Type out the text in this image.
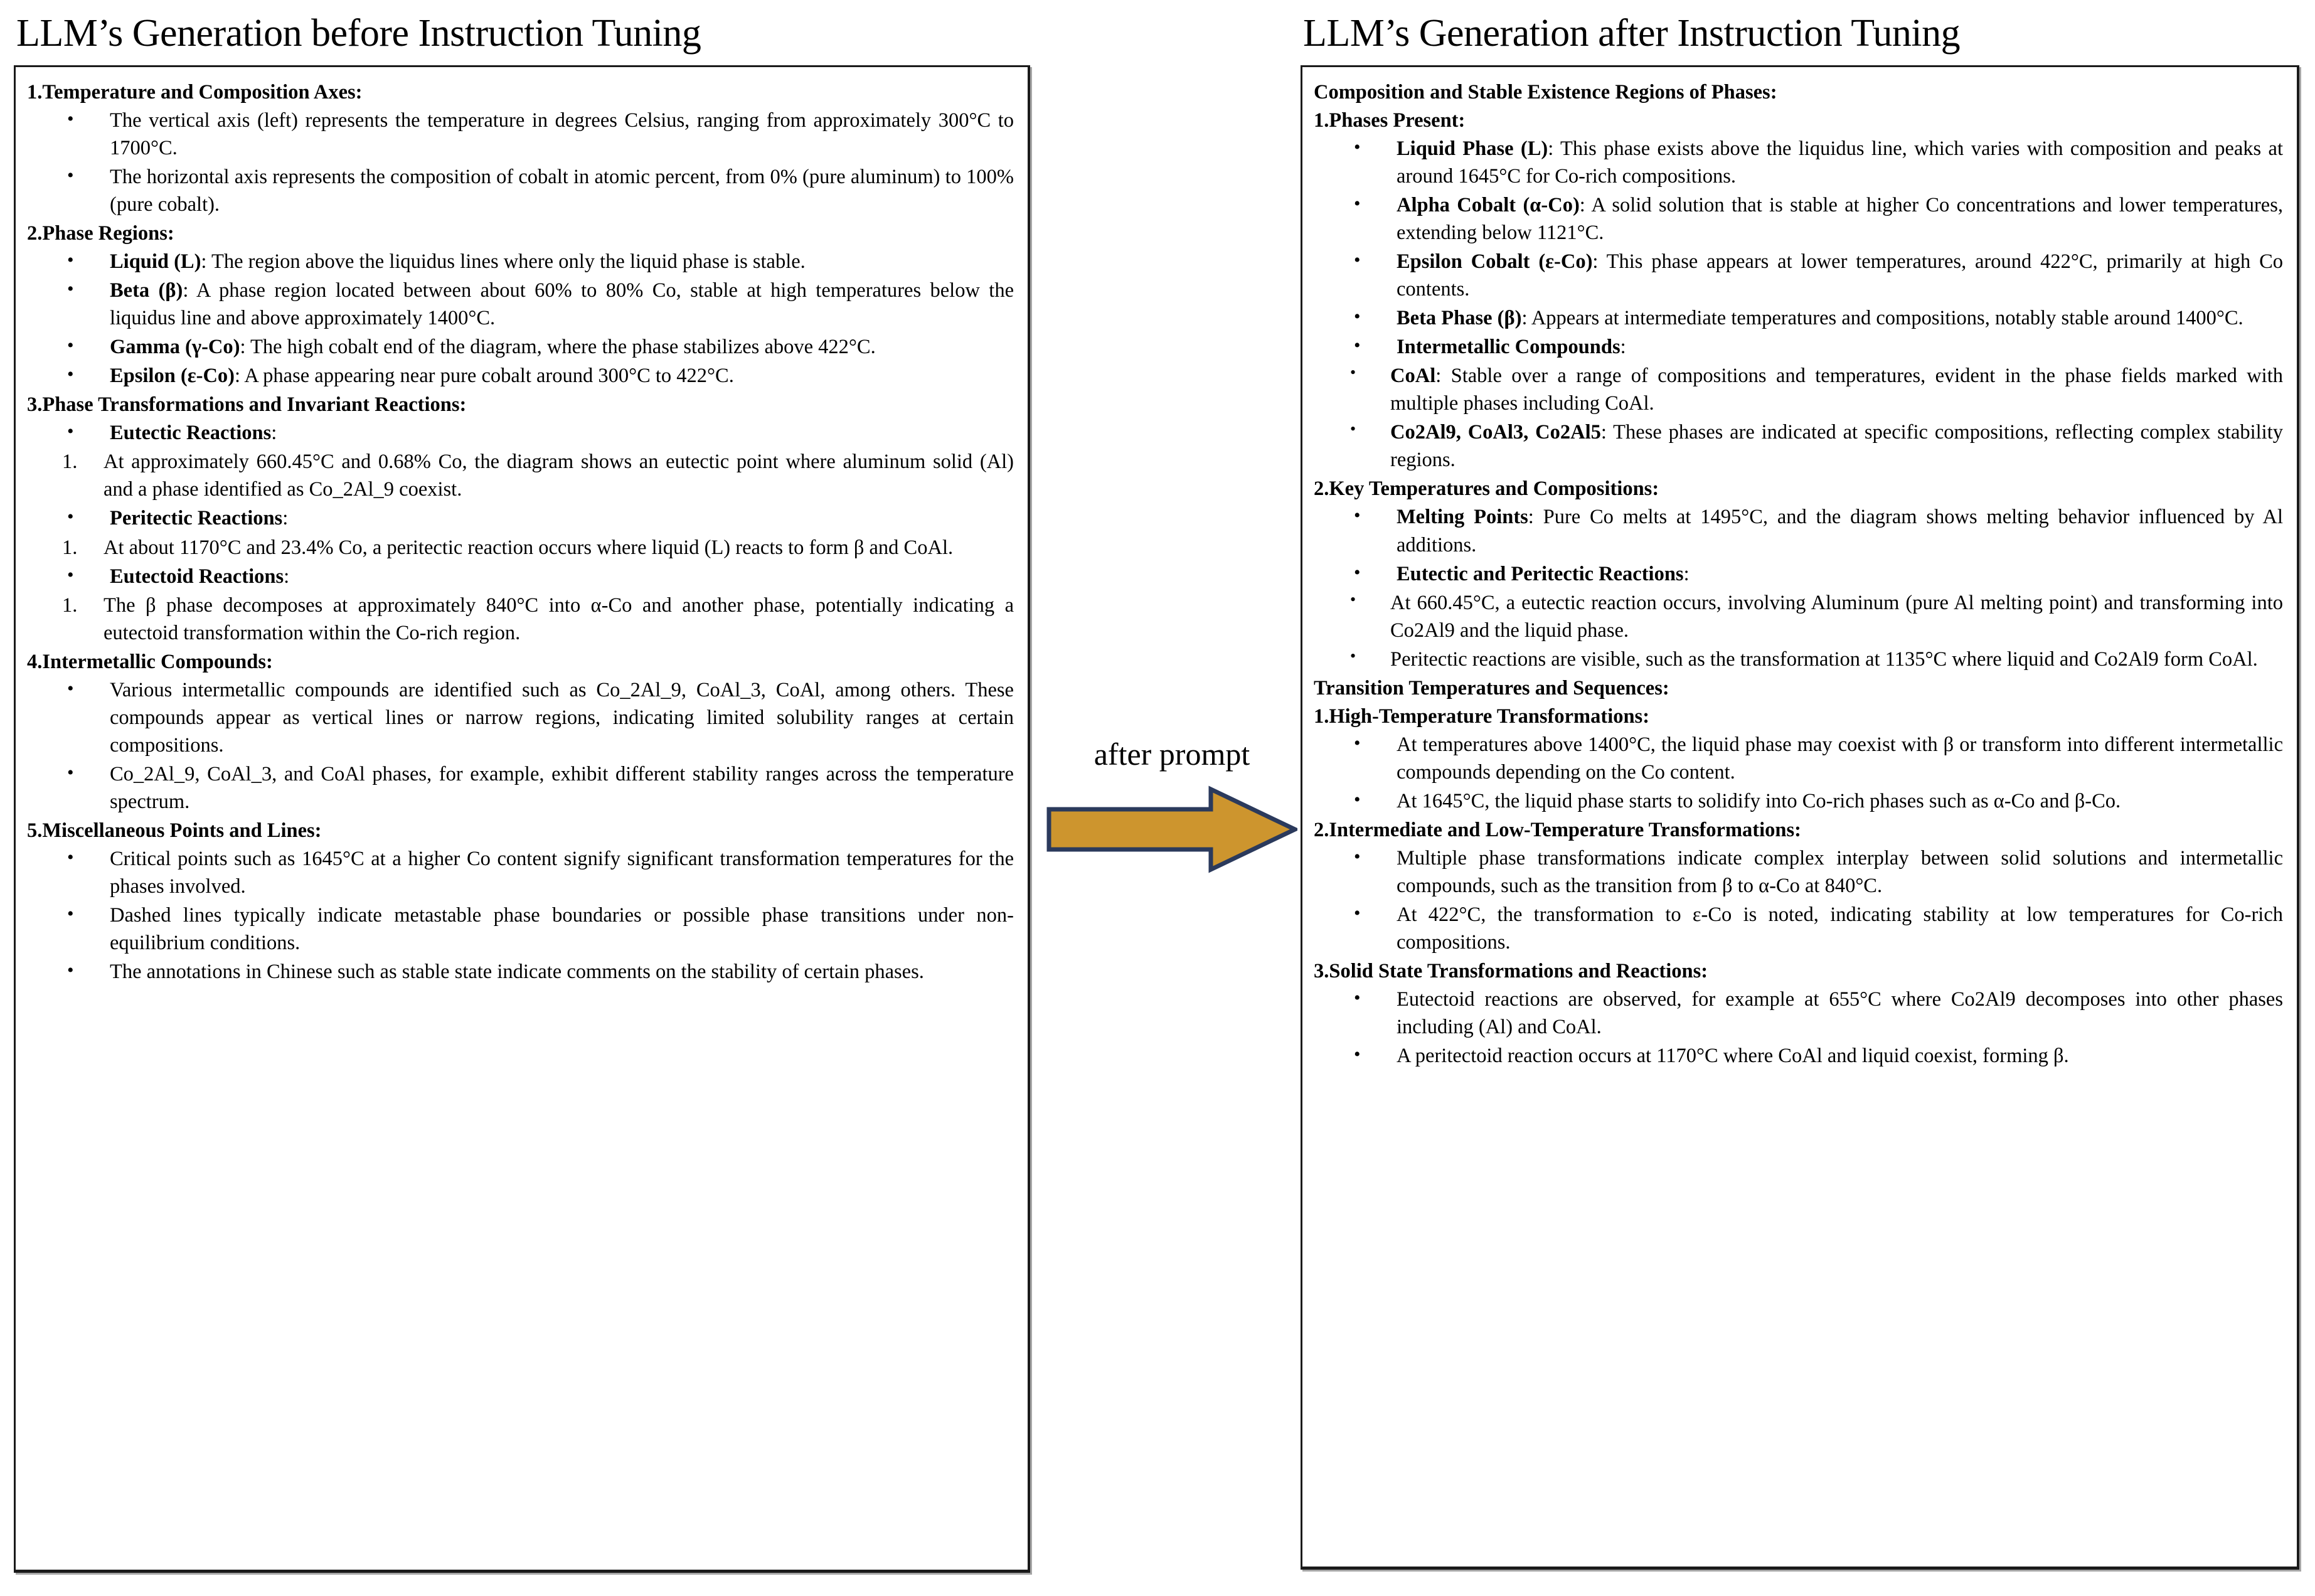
LLM’s Generation before Instruction Tuning
1.Temperature and Composition Axes:
• The vertical axis (left) represents the temperature in degrees Celsius, ranging from approximately 300°C to 1700°C.
• The horizontal axis represents the composition of cobalt in atomic percent, from 0% (pure aluminum) to 100% (pure cobalt).
2.Phase Regions:
• Liquid (L): The region above the liquidus lines where only the liquid phase is stable.
• Beta (β): A phase region located between about 60% to 80% Co, stable at high temperatures below the liquidus line and above approximately 1400°C.
• Gamma (γ-Co): The high cobalt end of the diagram, where the phase stabilizes above 422°C.
• Epsilon (ε-Co): A phase appearing near pure cobalt around 300°C to 422°C.
3.Phase Transformations and Invariant Reactions:
• Eutectic Reactions:
At approximately 660.45°C and 0.68% Co, the diagram shows an eutectic point where aluminum solid (Al) and a phase identified as Co_2Al_9 coexist.
• Peritectic Reactions:
At about 1170°C and 23.4% Co, a peritectic reaction occurs where liquid (L) reacts to form β and CoAl.
• Eutectoid Reactions:
The β phase decomposes at approximately 840°C into α-Co and another phase, potentially indicating a eutectoid transformation within the Co-rich region.
4.Intermetallic Compounds:
• Various intermetallic compounds are identified such as Co_2Al_9, CoAl_3, CoAl, among others. These compounds appear as vertical lines or narrow regions, indicating limited solubility ranges at certain compositions.
• Co_2Al_9, CoAl_3, and CoAl phases, for example, exhibit different stability ranges across the temperature spectrum.
5.Miscellaneous Points and Lines:
• Critical points such as 1645°C at a higher Co content signify significant transformation temperatures for the phases involved.
• Dashed lines typically indicate metastable phase boundaries or possible phase transitions under non-equilibrium conditions.
• The annotations in Chinese such as stable state indicate comments on the stability of certain phases.
after prompt
LLM’s Generation after Instruction Tuning
Composition and Stable Existence Regions of Phases:
1.Phases Present:
• Liquid Phase (L): This phase exists above the liquidus line, which varies with composition and peaks at around 1645°C for Co-rich compositions.
• Alpha Cobalt (α-Co): A solid solution that is stable at higher Co concentrations and lower temperatures, extending below 1121°C.
• Epsilon Cobalt (ε-Co): This phase appears at lower temperatures, around 422°C, primarily at high Co contents.
• Beta Phase (β): Appears at intermediate temperatures and compositions, notably stable around 1400°C.
• Intermetallic Compounds:
• CoAl: Stable over a range of compositions and temperatures, evident in the phase fields marked with multiple phases including CoAl.
• Co2Al9, CoAl3, Co2Al5: These phases are indicated at specific compositions, reflecting complex stability regions.
2.Key Temperatures and Compositions:
• Melting Points: Pure Co melts at 1495°C, and the diagram shows melting behavior influenced by Al additions.
• Eutectic and Peritectic Reactions:
• At 660.45°C, a eutectic reaction occurs, involving Aluminum (pure Al melting point) and transforming into Co2Al9 and the liquid phase.
• Peritectic reactions are visible, such as the transformation at 1135°C where liquid and Co2Al9 form CoAl.
Transition Temperatures and Sequences:
1.High-Temperature Transformations:
• At temperatures above 1400°C, the liquid phase may coexist with β or transform into different intermetallic compounds depending on the Co content.
• At 1645°C, the liquid phase starts to solidify into Co-rich phases such as α-Co and β-Co.
2.Intermediate and Low-Temperature Transformations:
• Multiple phase transformations indicate complex interplay between solid solutions and intermetallic compounds, such as the transition from β to α-Co at 840°C.
• At 422°C, the transformation to ε-Co is noted, indicating stability at low temperatures for Co-rich compositions.
3.Solid State Transformations and Reactions:
• Eutectoid reactions are observed, for example at 655°C where Co2Al9 decomposes into other phases including (Al) and CoAl.
• A peritectoid reaction occurs at 1170°C where CoAl and liquid coexist, forming β.
